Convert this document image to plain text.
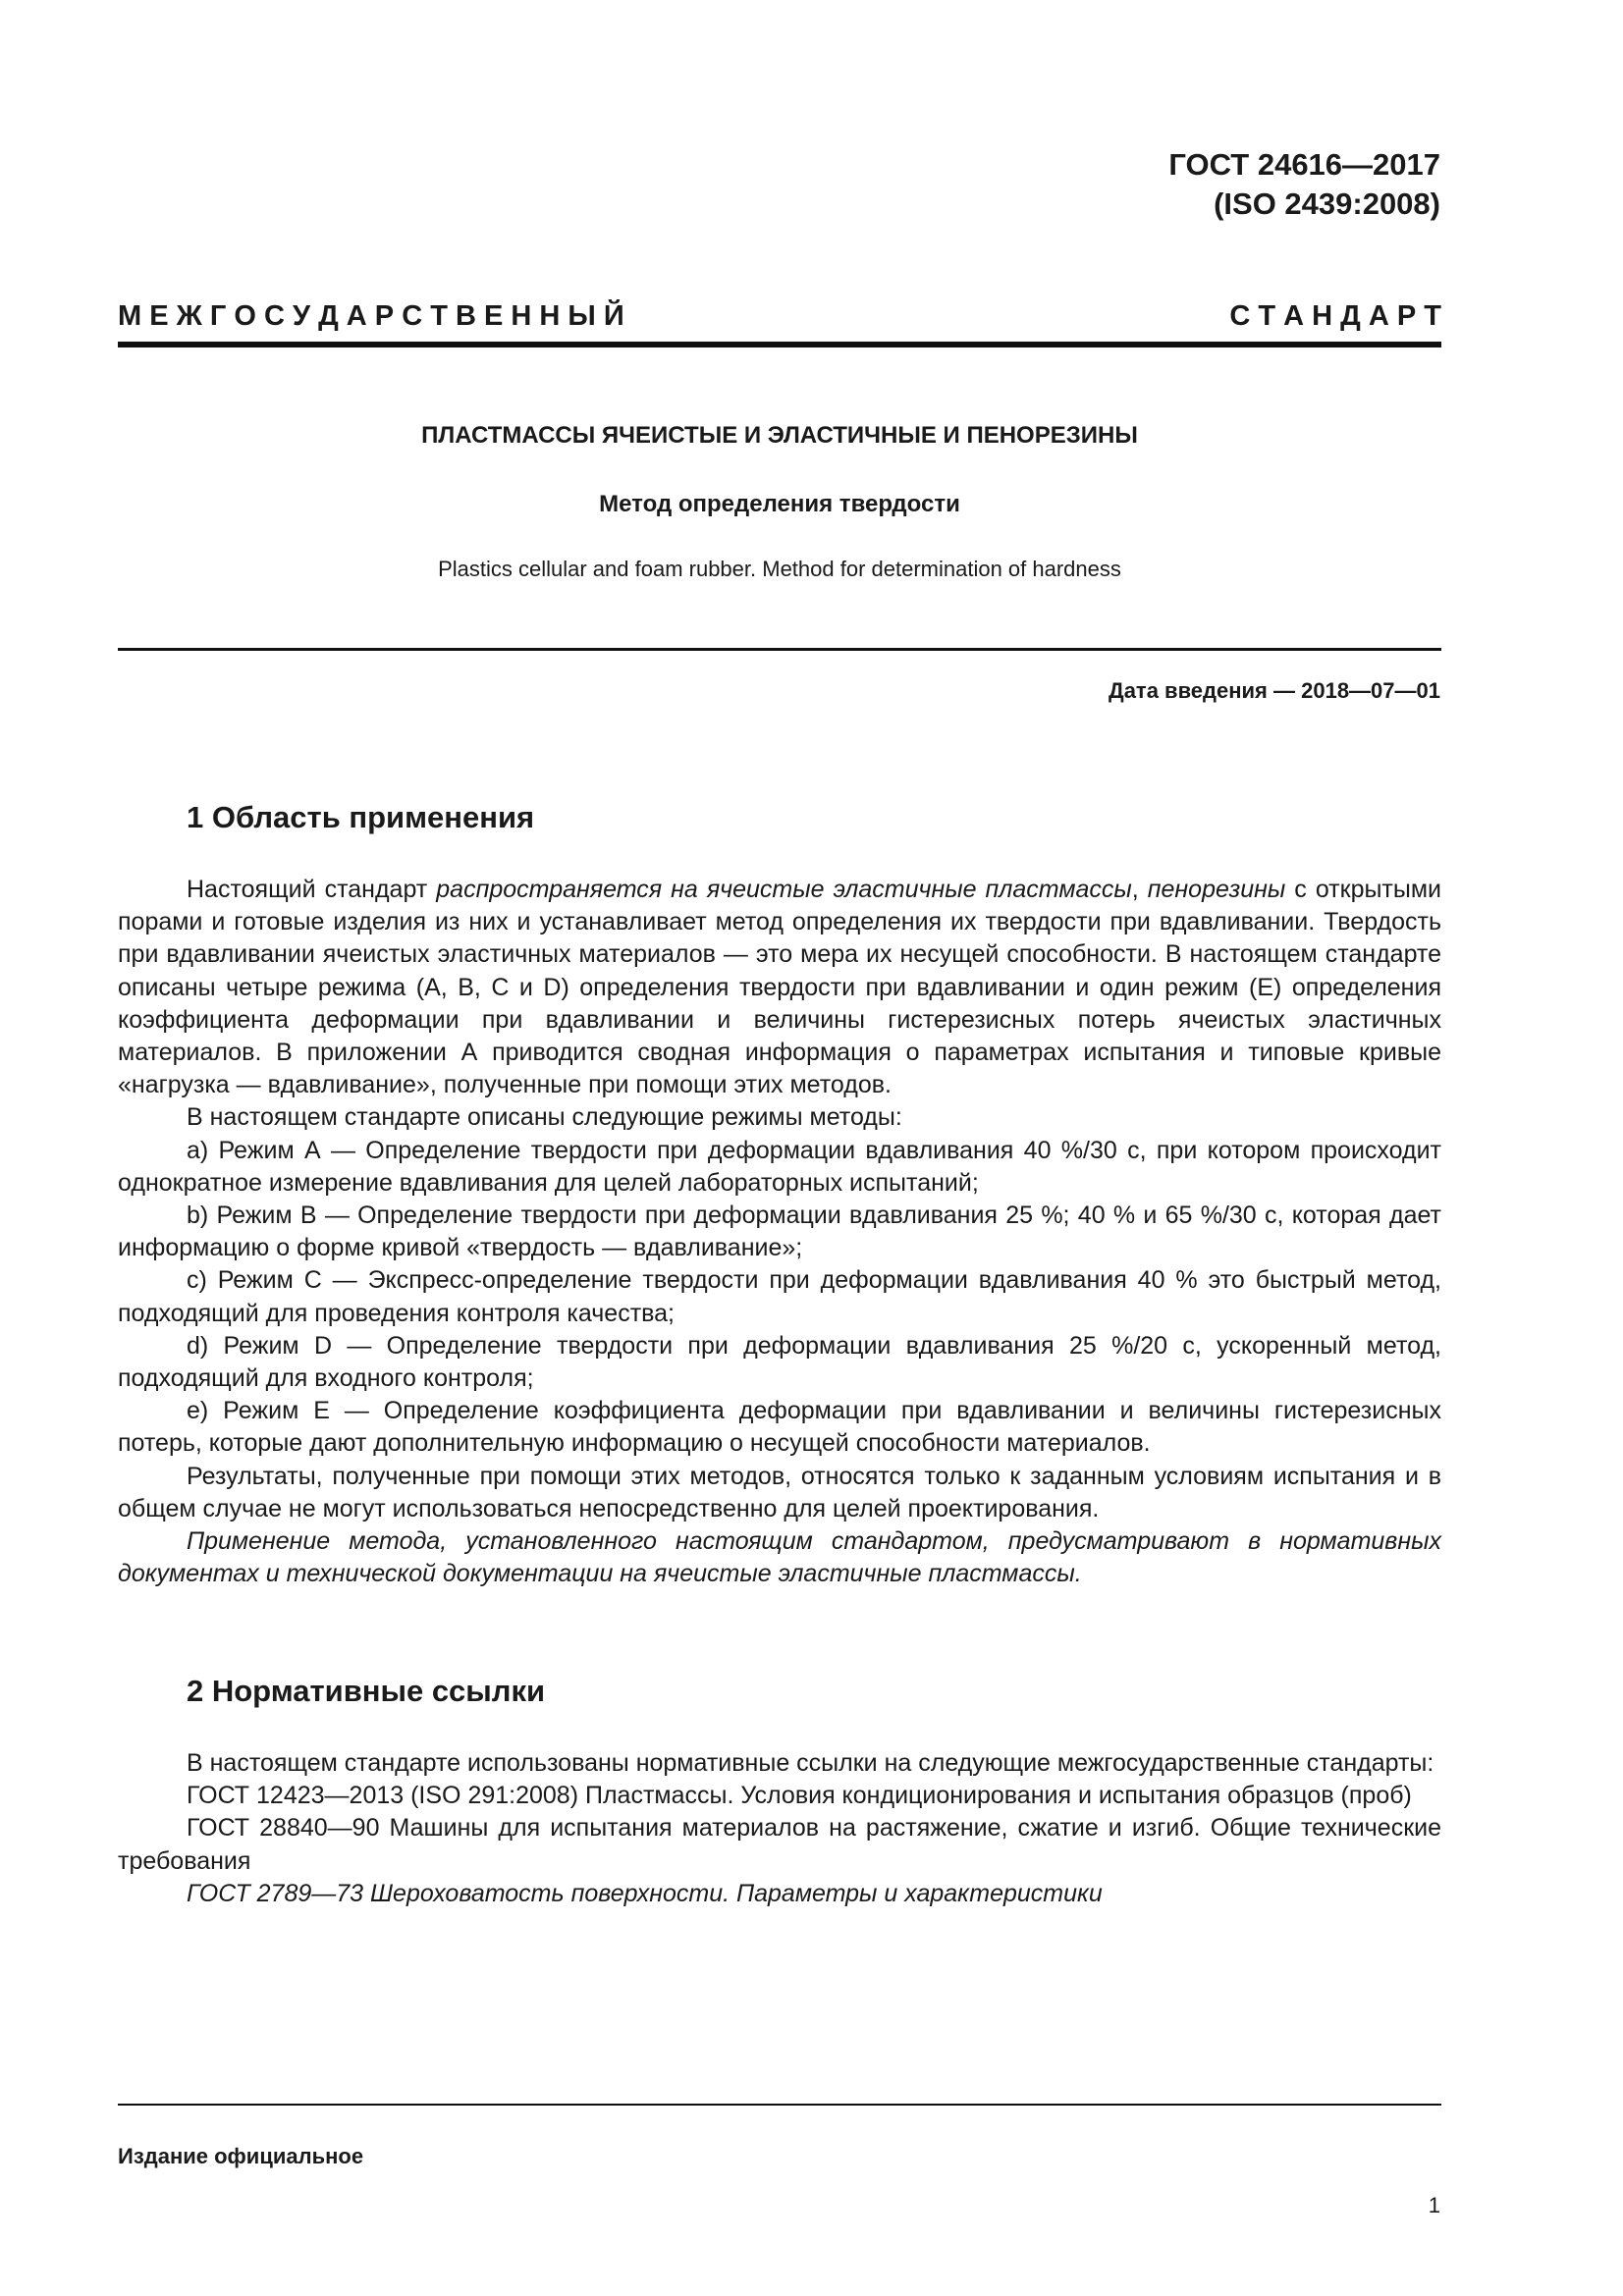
ГОСТ 24616—2017
(ISO 2439:2008)
М Е Ж Г О С У Д А Р С Т В Е Н Н Ы Й	С Т А Н Д А Р Т
ПЛАСТМАССЫ ЯЧЕИСТЫЕ И ЭЛАСТИЧНЫЕ И ПЕНОРЕЗИНЫ
Метод определения твердости
Plastics cellular and foam rubber. Method for determination of hardness
Дата введения — 2018—07—01
1 Область применения

Настоящий стандарт распространяется на ячеистые эластичные пластмассы, пенорезины с открытыми порами и готовые изделия из них и устанавливает метод определения их твердости при вдавливании. Твердость при вдавливании ячеистых эластичных материалов — это мера их несущей способности. В настоящем стандарте описаны четыре режима (A, B, C и D) определения твердости при вдавливании и один режим (Е) определения коэффициента деформации при вдавливании и величины гистерезисных потерь ячеистых эластичных материалов. В приложении А приводится сводная информация о параметрах испытания и типовые кривые «нагрузка — вдавливание», полученные при помощи этих методов.

В настоящем стандарте описаны следующие режимы методы:

а) Режим А — Определение твердости при деформации вдавливания 40 %/30 с, при котором происходит однократное измерение вдавливания для целей лабораторных испытаний;

b) Режим В — Определение твердости при деформации вдавливания 25 %; 40 % и 65 %/30 с, которая дает информацию о форме кривой «твердость — вдавливание»;

c) Режим С — Экспресс-определение твердости при деформации вдавливания 40 % это быстрый метод, подходящий для проведения контроля качества;

d) Режим D — Определение твердости при деформации вдавливания 25 %/20 с, ускоренный метод, подходящий для входного контроля;

е) Режим Е — Определение коэффициента деформации при вдавливании и величины гистерезисных потерь, которые дают дополнительную информацию о несущей способности материалов.

Результаты, полученные при помощи этих методов, относятся только к заданным условиям испытания и в общем случае не могут использоваться непосредственно для целей проектирования.

Применение метода, установленного настоящим стандартом, предусматривают в нормативных документах и технической документации на ячеистые эластичные пластмассы.

2 Нормативные ссылки

В настоящем стандарте использованы нормативные ссылки на следующие межгосударственные стандарты:

ГОСТ 12423—2013 (ISO 291:2008) Пластмассы. Условия кондиционирования и испытания образцов (проб)

ГОСТ 28840—90 Машины для испытания материалов на растяжение, сжатие и изгиб. Общие технические требования

ГОСТ 2789—73 Шероховатость поверхности. Параметры и характеристики

Издание официальное
1
